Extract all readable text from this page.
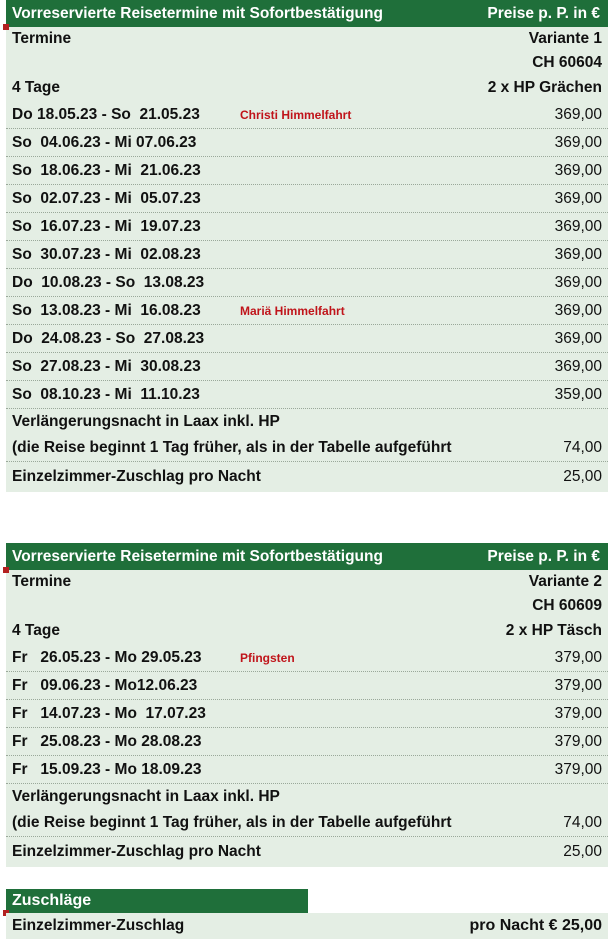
Vorreservierte Reisetermine mit Sofortbestätigung	Preise p. P. in €
Termine	Variante 1
CH 60604
4 Tage	2 x HP Grächen
Do 18.05.23 - So  21.05.23	Christi Himmelfahrt	369,00
So  04.06.23 - Mi 07.06.23	369,00
So  18.06.23 - Mi  21.06.23	369,00
So  02.07.23 - Mi  05.07.23	369,00
So  16.07.23 - Mi  19.07.23	369,00
So  30.07.23 - Mi  02.08.23	369,00
Do  10.08.23 - So  13.08.23	369,00
So  13.08.23 - Mi  16.08.23	Mariä Himmelfahrt	369,00
Do  24.08.23 - So  27.08.23	369,00
So  27.08.23 - Mi  30.08.23	369,00
So  08.10.23 - Mi  11.10.23	359,00
Verlängerungsnacht in Laax inkl. HP
(die Reise beginnt 1 Tag früher, als in der Tabelle aufgeführt	74,00
Einzelzimmer-Zuschlag pro Nacht	25,00
Vorreservierte Reisetermine mit Sofortbestätigung	Preise p. P. in €
Termine	Variante 2
CH 60609
4 Tage	2 x HP Täsch
Fr   26.05.23 - Mo 29.05.23	Pfingsten	379,00
Fr   09.06.23 - Mo12.06.23	379,00
Fr   14.07.23 - Mo  17.07.23	379,00
Fr   25.08.23 - Mo 28.08.23	379,00
Fr   15.09.23 - Mo 18.09.23	379,00
Verlängerungsnacht in Laax inkl. HP
(die Reise beginnt 1 Tag früher, als in der Tabelle aufgeführt	74,00
Einzelzimmer-Zuschlag pro Nacht	25,00
Zuschläge
Einzelzimmer-Zuschlag	pro Nacht € 25,00
